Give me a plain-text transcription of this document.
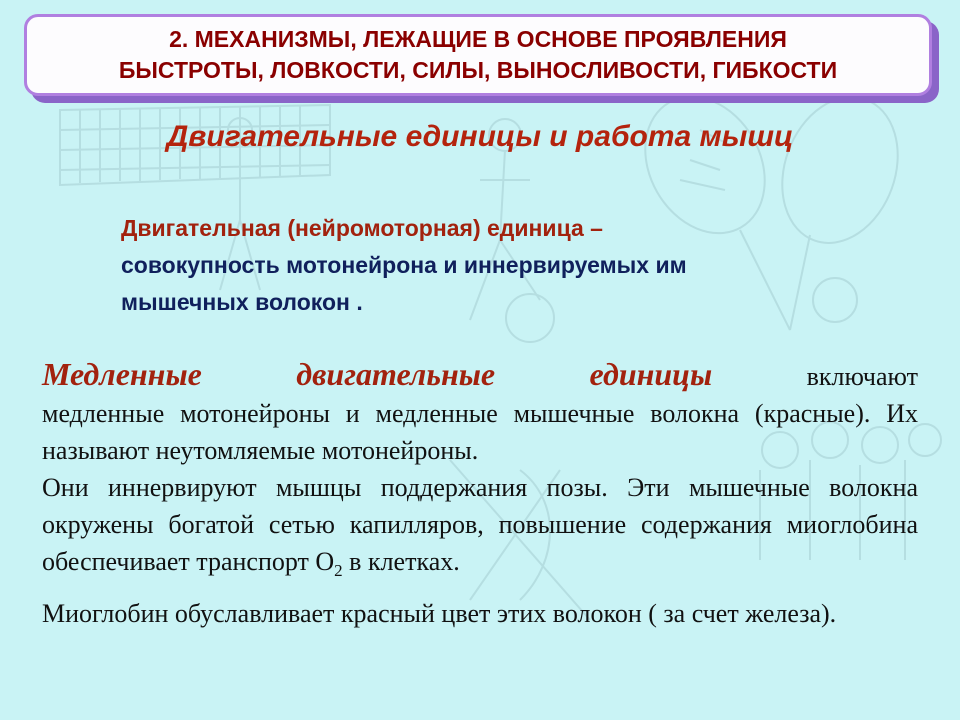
2. МЕХАНИЗМЫ, ЛЕЖАЩИЕ В ОСНОВЕ ПРОЯВЛЕНИЯ
БЫСТРОТЫ, ЛОВКОСТИ, СИЛЫ, ВЫНОСЛИВОСТИ, ГИБКОСТИ
Двигательные единицы и работа мышц
Двигательная (нейромоторная) единица –
совокупность мотонейрона и иннервируемых им
мышечных волокон .
Медленные	двигательные	единицы	включают

медленные мотонейроны и медленные мышечные волокна (красные). Их называют неутомляемые мотонейроны.

Они иннервируют мышцы поддержания позы. Эти мышечные волокна окружены богатой сетью капилляров, повышение содержания миоглобина обеспечивает транспорт $О_2$ в клетках.

Миоглобин обуславливает красный цвет этих волокон ( за счет железа).
